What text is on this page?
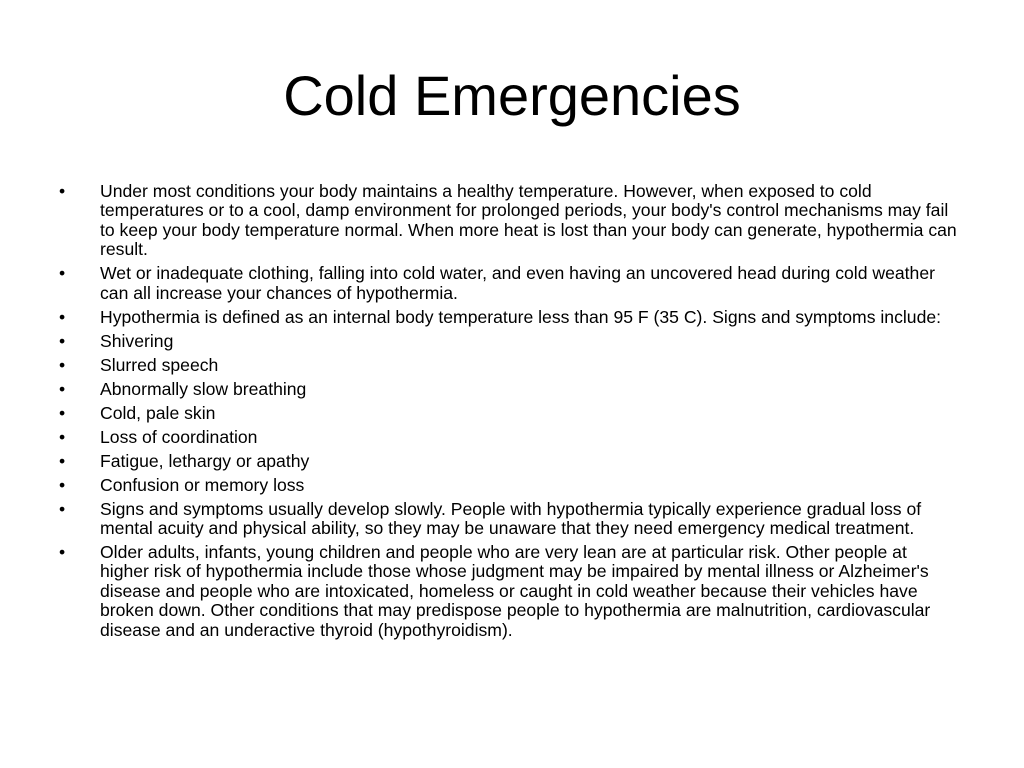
Cold Emergencies
•	Under most conditions your body maintains a healthy temperature. However, when exposed to cold temperatures or to a cool, damp environment for prolonged periods, your body's control mechanisms may fail to keep your body temperature normal. When more heat is lost than your body can generate, hypothermia can result.
•	Wet or inadequate clothing, falling into cold water, and even having an uncovered head during cold weather can all increase your chances of hypothermia.
•	Hypothermia is defined as an internal body temperature less than 95 F (35 C). Signs and symptoms include:
•	Shivering
•	Slurred speech
•	Abnormally slow breathing
•	Cold, pale skin
•	Loss of coordination
•	Fatigue, lethargy or apathy
•	Confusion or memory loss
•	Signs and symptoms usually develop slowly. People with hypothermia typically experience gradual loss of mental acuity and physical ability, so they may be unaware that they need emergency medical treatment.
•	Older adults, infants, young children and people who are very lean are at particular risk. Other people at higher risk of hypothermia include those whose judgment may be impaired by mental illness or Alzheimer's disease and people who are intoxicated, homeless or caught in cold weather because their vehicles have broken down. Other conditions that may predispose people to hypothermia are malnutrition, cardiovascular disease and an underactive thyroid (hypothyroidism).
